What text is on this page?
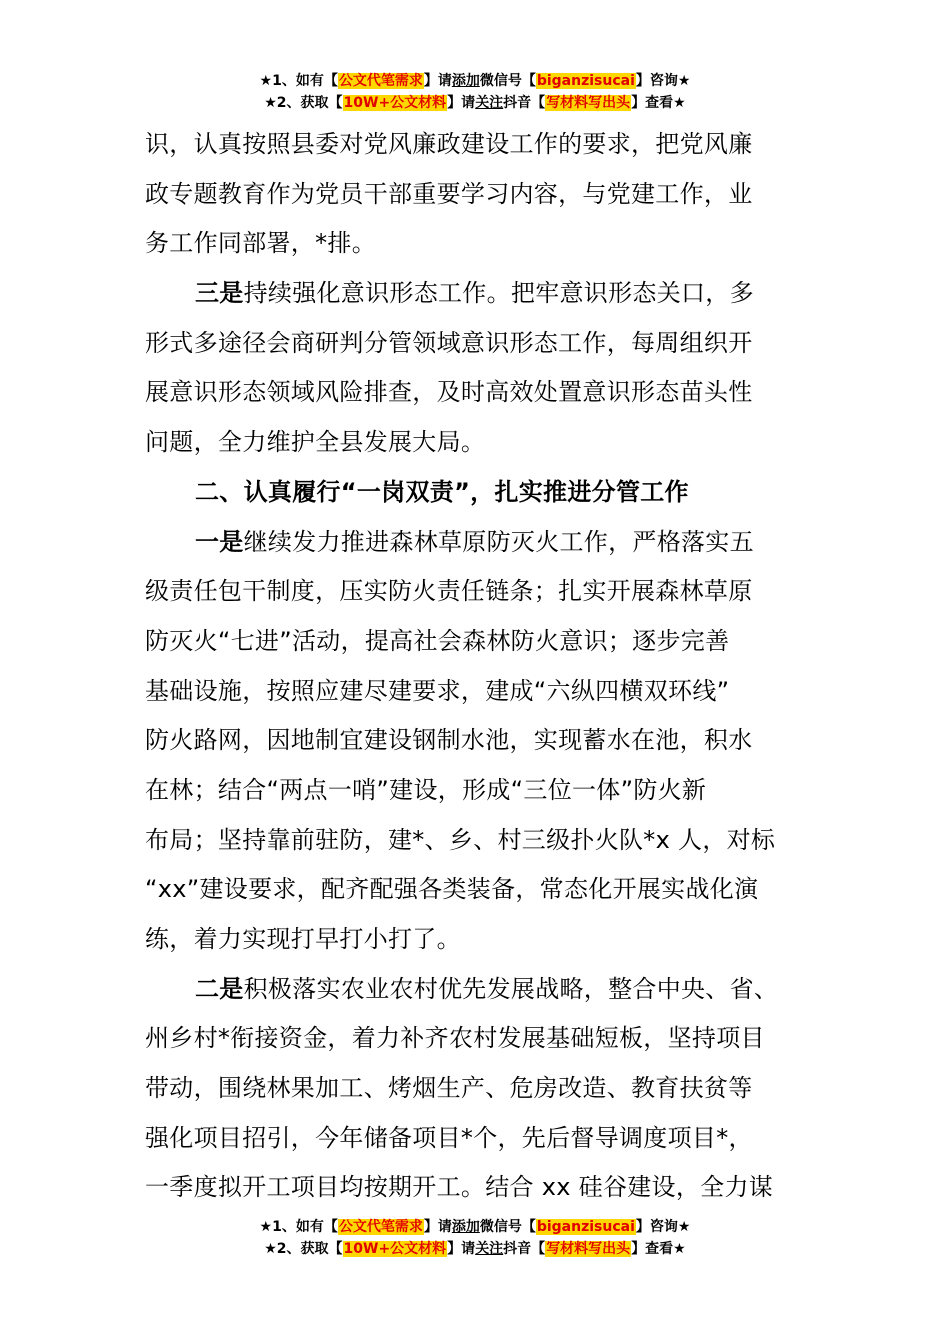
★1、如有【公文代笔需求】请添加微信号【biganzisucai】咨询★
★2、获取【10W+公文材料】请关注抖音【写材料写出头】查看★
识，认真按照县委对党风廉政建设工作的要求，把党风廉
政专题教育作为党员干部重要学习内容，与党建工作，业
务工作同部署，*排。
三是持续强化意识形态工作。把牢意识形态关口，多
形式多途径会商研判分管领域意识形态工作，每周组织开
展意识形态领域风险排查，及时高效处置意识形态苗头性
问题，全力维护全县发展大局。
二、认真履行“一岗双责”，扎实推进分管工作
一是继续发力推进森林草原防灭火工作，严格落实五
级责任包干制度，压实防火责任链条；扎实开展森林草原
防灭火“七进”活动，提高社会森林防火意识；逐步完善
基础设施，按照应建尽建要求，建成“六纵四横双环线”
防火路网，因地制宜建设钢制水池，实现蓄水在池，积水
在林；结合“两点一哨”建设，形成“三位一体”防火新
布局；坚持靠前驻防，建*、乡、村三级扑火队*x 人，对标
“xx”建设要求，配齐配强各类装备，常态化开展实战化演
练，着力实现打早打小打了。
二是积极落实农业农村优先发展战略，整合中央、省、
州乡村*衔接资金，着力补齐农村发展基础短板，坚持项目
带动，围绕林果加工、烤烟生产、危房改造、教育扶贫等
强化项目招引，今年储备项目*个，先后督导调度项目*，
一季度拟开工项目均按期开工。结合 xx 硅谷建设，全力谋
★1、如有【公文代笔需求】请添加微信号【biganzisucai】咨询★
★2、获取【10W+公文材料】请关注抖音【写材料写出头】查看★
